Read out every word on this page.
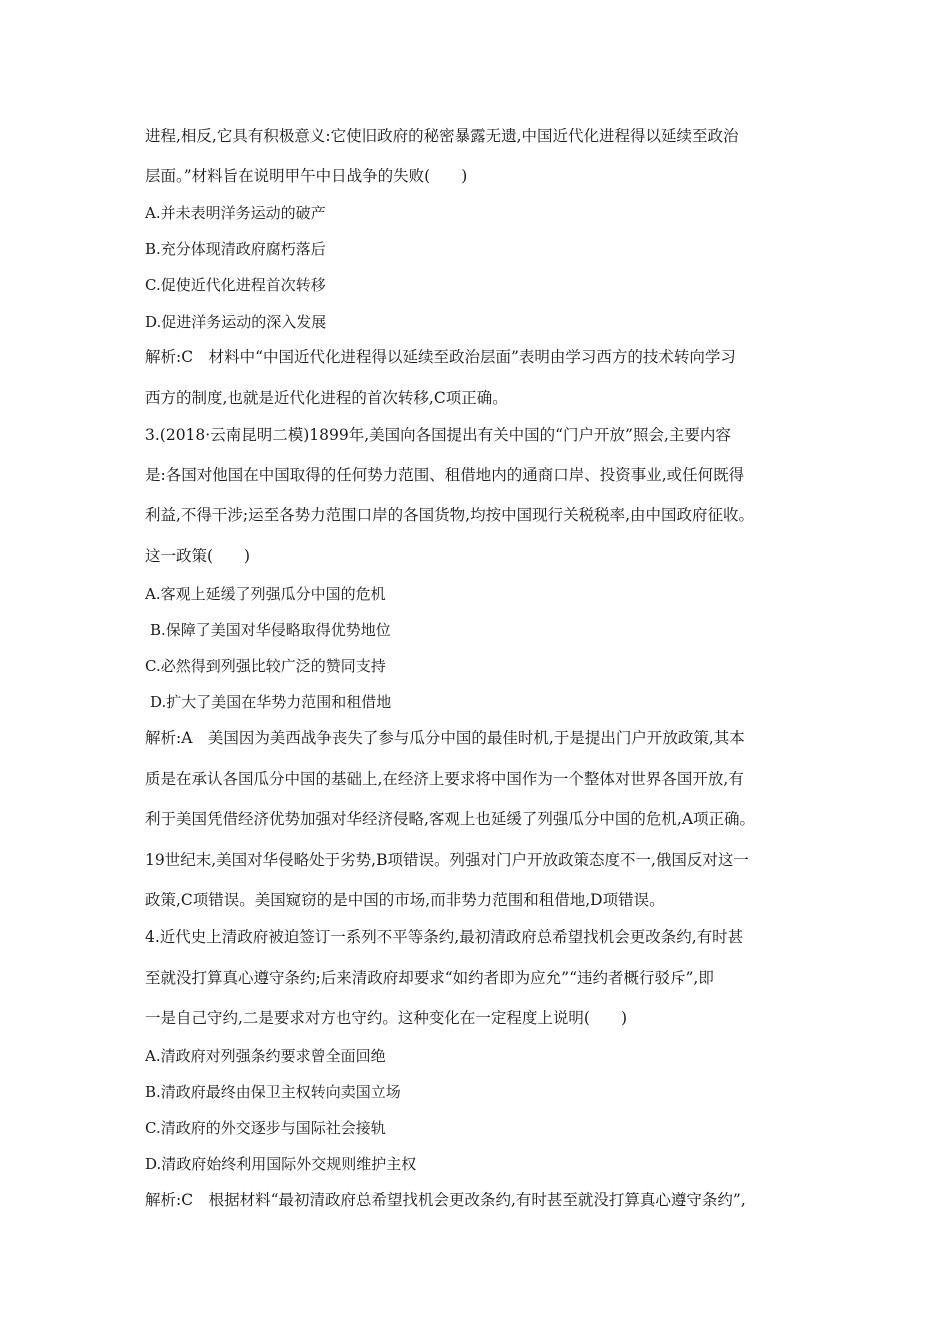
进程,相反,它具有积极意义:它使旧政府的秘密暴露无遗,中国近代化进程得以延续至政治
层面。”材料旨在说明甲午中日战争的失败(　　)
A.并未表明洋务运动的破产
B.充分体现清政府腐朽落后
C.促使近代化进程首次转移
D.促进洋务运动的深入发展
解析:C　材料中“中国近代化进程得以延续至政治层面”表明由学习西方的技术转向学习
西方的制度,也就是近代化进程的首次转移,C项正确。
3.(2018·云南昆明二模)1899年,美国向各国提出有关中国的“门户开放”照会,主要内容
是:各国对他国在中国取得的任何势力范围、租借地内的通商口岸、投资事业,或任何既得
利益,不得干涉;运至各势力范围口岸的各国货物,均按中国现行关税税率,由中国政府征收。
这一政策(　　)
A.客观上延缓了列强瓜分中国的危机
B.保障了美国对华侵略取得优势地位
C.必然得到列强比较广泛的赞同支持
D.扩大了美国在华势力范围和租借地
解析:A　美国因为美西战争丧失了参与瓜分中国的最佳时机,于是提出门户开放政策,其本
质是在承认各国瓜分中国的基础上,在经济上要求将中国作为一个整体对世界各国开放,有
利于美国凭借经济优势加强对华经济侵略,客观上也延缓了列强瓜分中国的危机,A项正确。
19世纪末,美国对华侵略处于劣势,B项错误。列强对门户开放政策态度不一,俄国反对这一
政策,C项错误。美国窥窃的是中国的市场,而非势力范围和租借地,D项错误。
4.近代史上清政府被迫签订一系列不平等条约,最初清政府总希望找机会更改条约,有时甚
至就没打算真心遵守条约;后来清政府却要求“如约者即为应允”“违约者概行驳斥”,即
一是自己守约,二是要求对方也守约。这种变化在一定程度上说明(　　)
A.清政府对列强条约要求曾全面回绝
B.清政府最终由保卫主权转向卖国立场
C.清政府的外交逐步与国际社会接轨
D.清政府始终利用国际外交规则维护主权
解析:C　根据材料“最初清政府总希望找机会更改条约,有时甚至就没打算真心遵守条约”,
